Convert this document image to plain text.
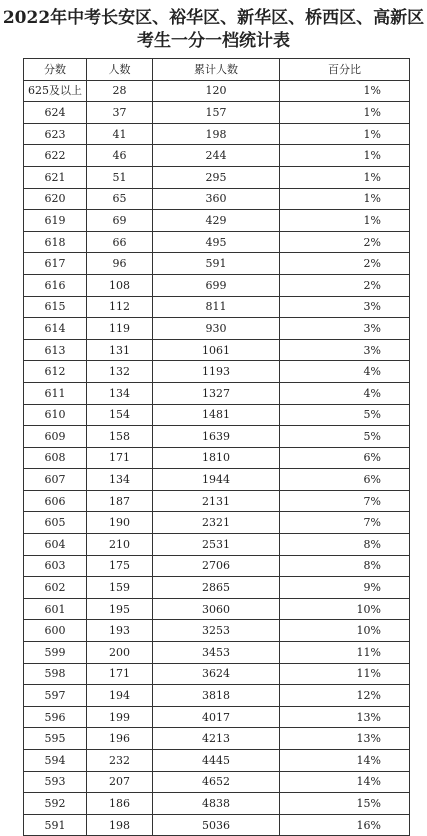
2022年中考长安区、裕华区、新华区、桥西区、高新区
考生一分一档统计表
分数	人数	累计人数	百分比
625及以上	28	120	1%
624	37	157	1%
623	41	198	1%
622	46	244	1%
621	51	295	1%
620	65	360	1%
619	69	429	1%
618	66	495	2%
617	96	591	2%
616	108	699	2%
615	112	811	3%
614	119	930	3%
613	131	1061	3%
612	132	1193	4%
611	134	1327	4%
610	154	1481	5%
609	158	1639	5%
608	171	1810	6%
607	134	1944	6%
606	187	2131	7%
605	190	2321	7%
604	210	2531	8%
603	175	2706	8%
602	159	2865	9%
601	195	3060	10%
600	193	3253	10%
599	200	3453	11%
598	171	3624	11%
597	194	3818	12%
596	199	4017	13%
595	196	4213	13%
594	232	4445	14%
593	207	4652	14%
592	186	4838	15%
591	198	5036	16%
